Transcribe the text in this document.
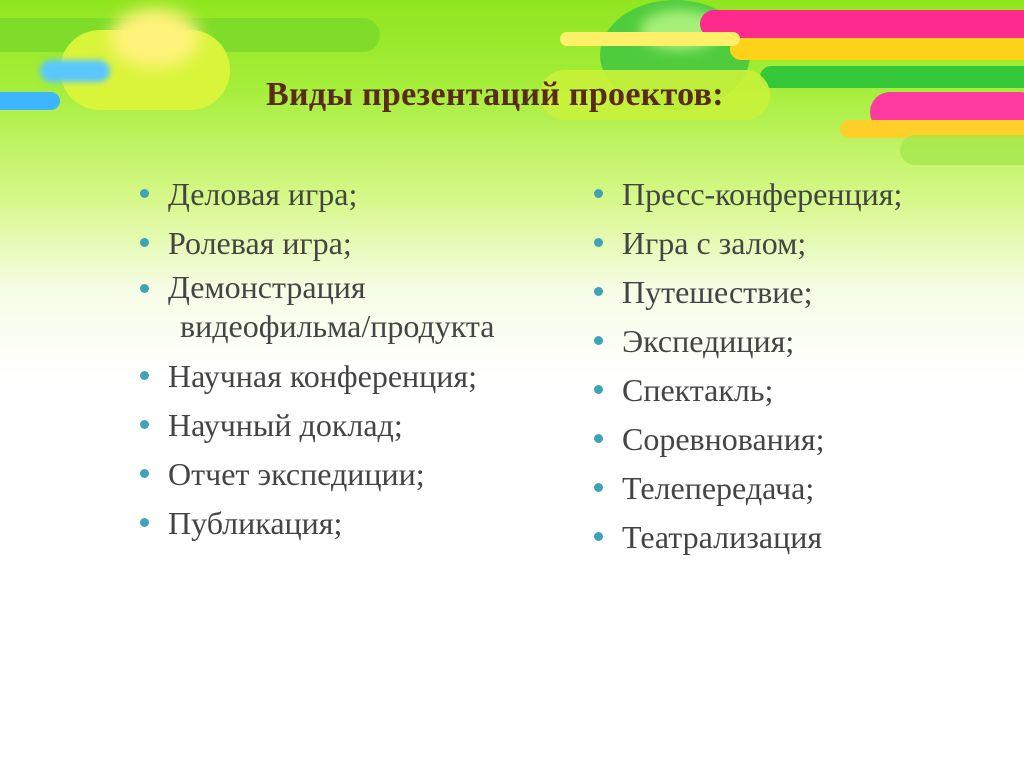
Виды презентаций проектов:
Деловая игра;
Ролевая игра;
Демонстрация
видеофильма/продукта
Научная конференция;
Научный доклад;
Отчет экспедиции;
Публикация;
Пресс-конференция;
Игра с залом;
Путешествие;
Экспедиция;
Спектакль;
Соревнования;
Телепередача;
Театрализация
